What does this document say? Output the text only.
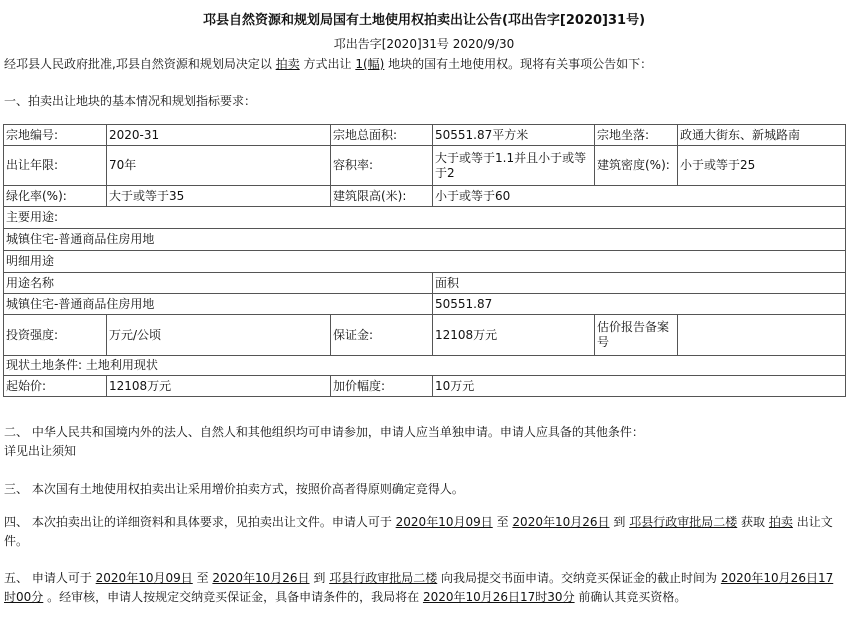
邛县自然资源和规划局国有土地使用权拍卖出让公告(邛出告字[2020]31号)
邛出告字[2020]31号 2020/9/30
经邛县人民政府批准,邛县自然资源和规划局决定以 拍卖 方式出让 1(幅) 地块的国有土地使用权。现将有关事项公告如下：
一、拍卖出让地块的基本情况和规划指标要求：
宗地编号:	2020-31	宗地总面积:	50551.87平方米	宗地坐落:	政通大街东、新城路南
出让年限:	70年	容积率:	大于或等于1.1并且小于或等于2	建筑密度(%):	小于或等于25
绿化率(%):	大于或等于35	建筑限高(米):	小于或等于60		
主要用途:					
城镇住宅-普通商品住房用地					
明细用途					
用途名称			面积		
城镇住宅-普通商品住房用地			50551.87		
投资强度:	万元/公顷	保证金:	12108万元	估价报告备案号	
现状土地条件: 土地利用现状					
起始价:	12108万元	加价幅度:	10万元		
二、 中华人民共和国境内外的法人、自然人和其他组织均可申请参加，申请人应当单独申请。申请人应具备的其他条件：
详见出让须知
三、 本次国有土地使用权拍卖出让采用增价拍卖方式，按照价高者得原则确定竞得人。
四、 本次拍卖出让的详细资料和具体要求，见拍卖出让文件。申请人可于 2020年10月09日 至 2020年10月26日 到 邛县行政审批局二楼 获取 拍卖 出让文件。
五、 申请人可于 2020年10月09日 至 2020年10月26日 到 邛县行政审批局二楼 向我局提交书面申请。交纳竞买保证金的截止时间为 2020年10月26日17时00分 。经审核，申请人按规定交纳竞买保证金，具备申请条件的，我局将在 2020年10月26日17时30分 前确认其竞买资格。
